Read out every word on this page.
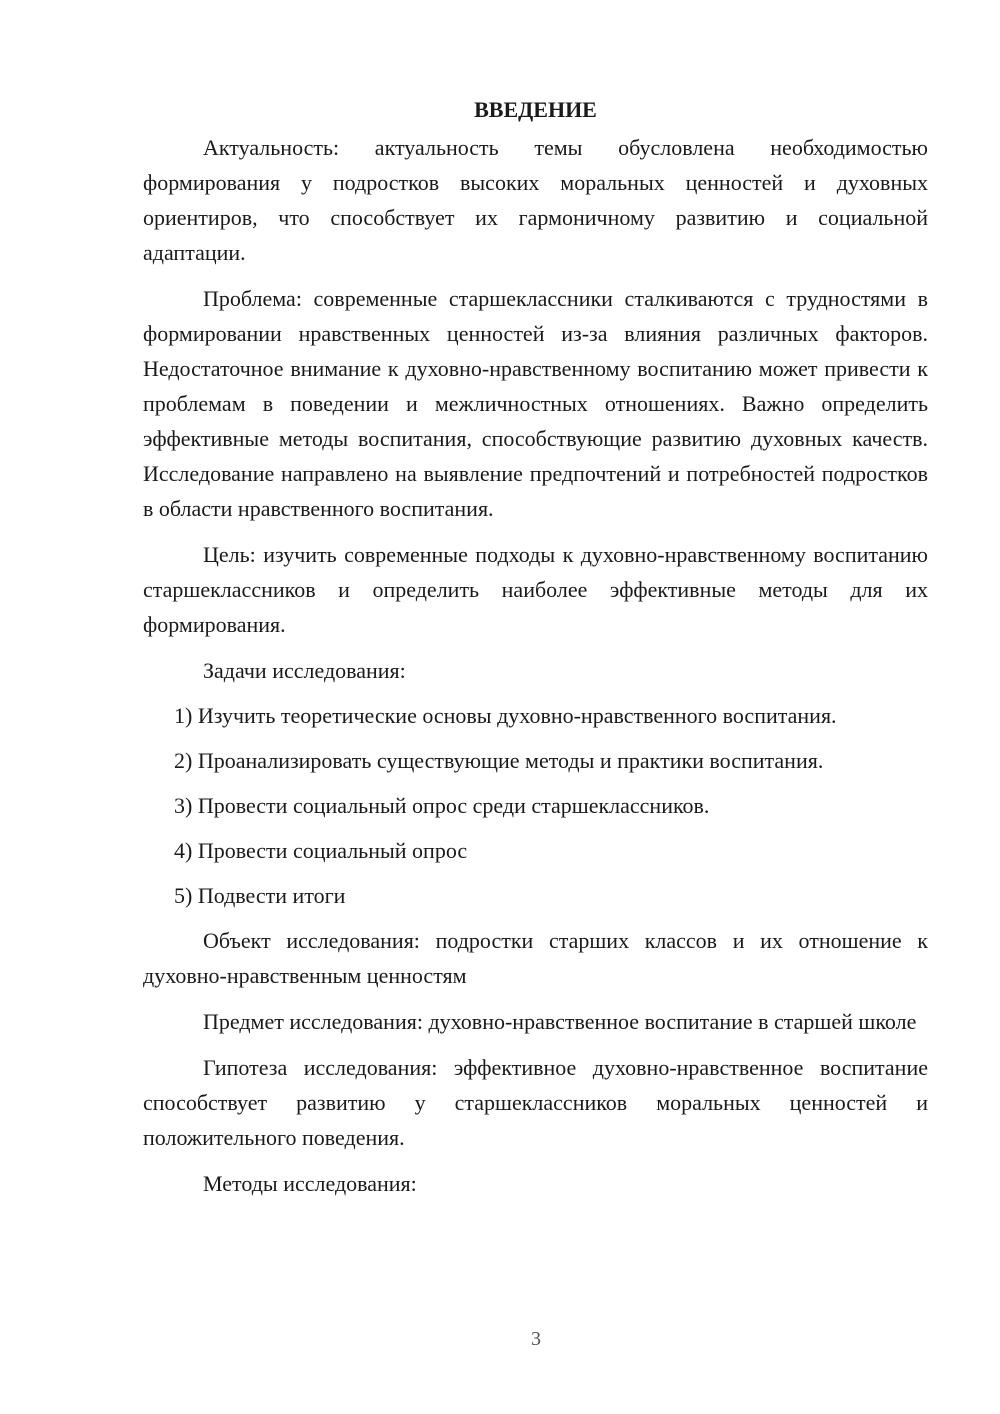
ВВЕДЕНИЕ

Актуальность: актуальность темы обусловлена необходимостью формирования у подростков высоких моральных ценностей и духовных ориентиров, что способствует их гармоничному развитию и социальной адаптации.

Проблема: современные старшеклассники сталкиваются с трудностями в формировании нравственных ценностей из-за влияния различных факторов. Недостаточное внимание к духовно-нравственному воспитанию может привести к проблемам в поведении и межличностных отношениях. Важно определить эффективные методы воспитания, способствующие развитию духовных качеств. Исследование направлено на выявление предпочтений и потребностей подростков в области нравственного воспитания.

Цель: изучить современные подходы к духовно-нравственному воспитанию старшеклассников и определить наиболее эффективные методы для их формирования.

Задачи исследования:

1) Изучить теоретические основы духовно-нравственного воспитания.
2) Проанализировать существующие методы и практики воспитания.
3) Провести социальный опрос среди старшеклассников.
4) Провести социальный опрос
5) Подвести итоги

Объект исследования: подростки старших классов и их отношение к духовно-нравственным ценностям

Предмет исследования: духовно-нравственное воспитание в старшей школе

Гипотеза исследования: эффективное духовно-нравственное воспитание способствует развитию у старшеклассников моральных ценностей и положительного поведения.

Методы исследования:

3
